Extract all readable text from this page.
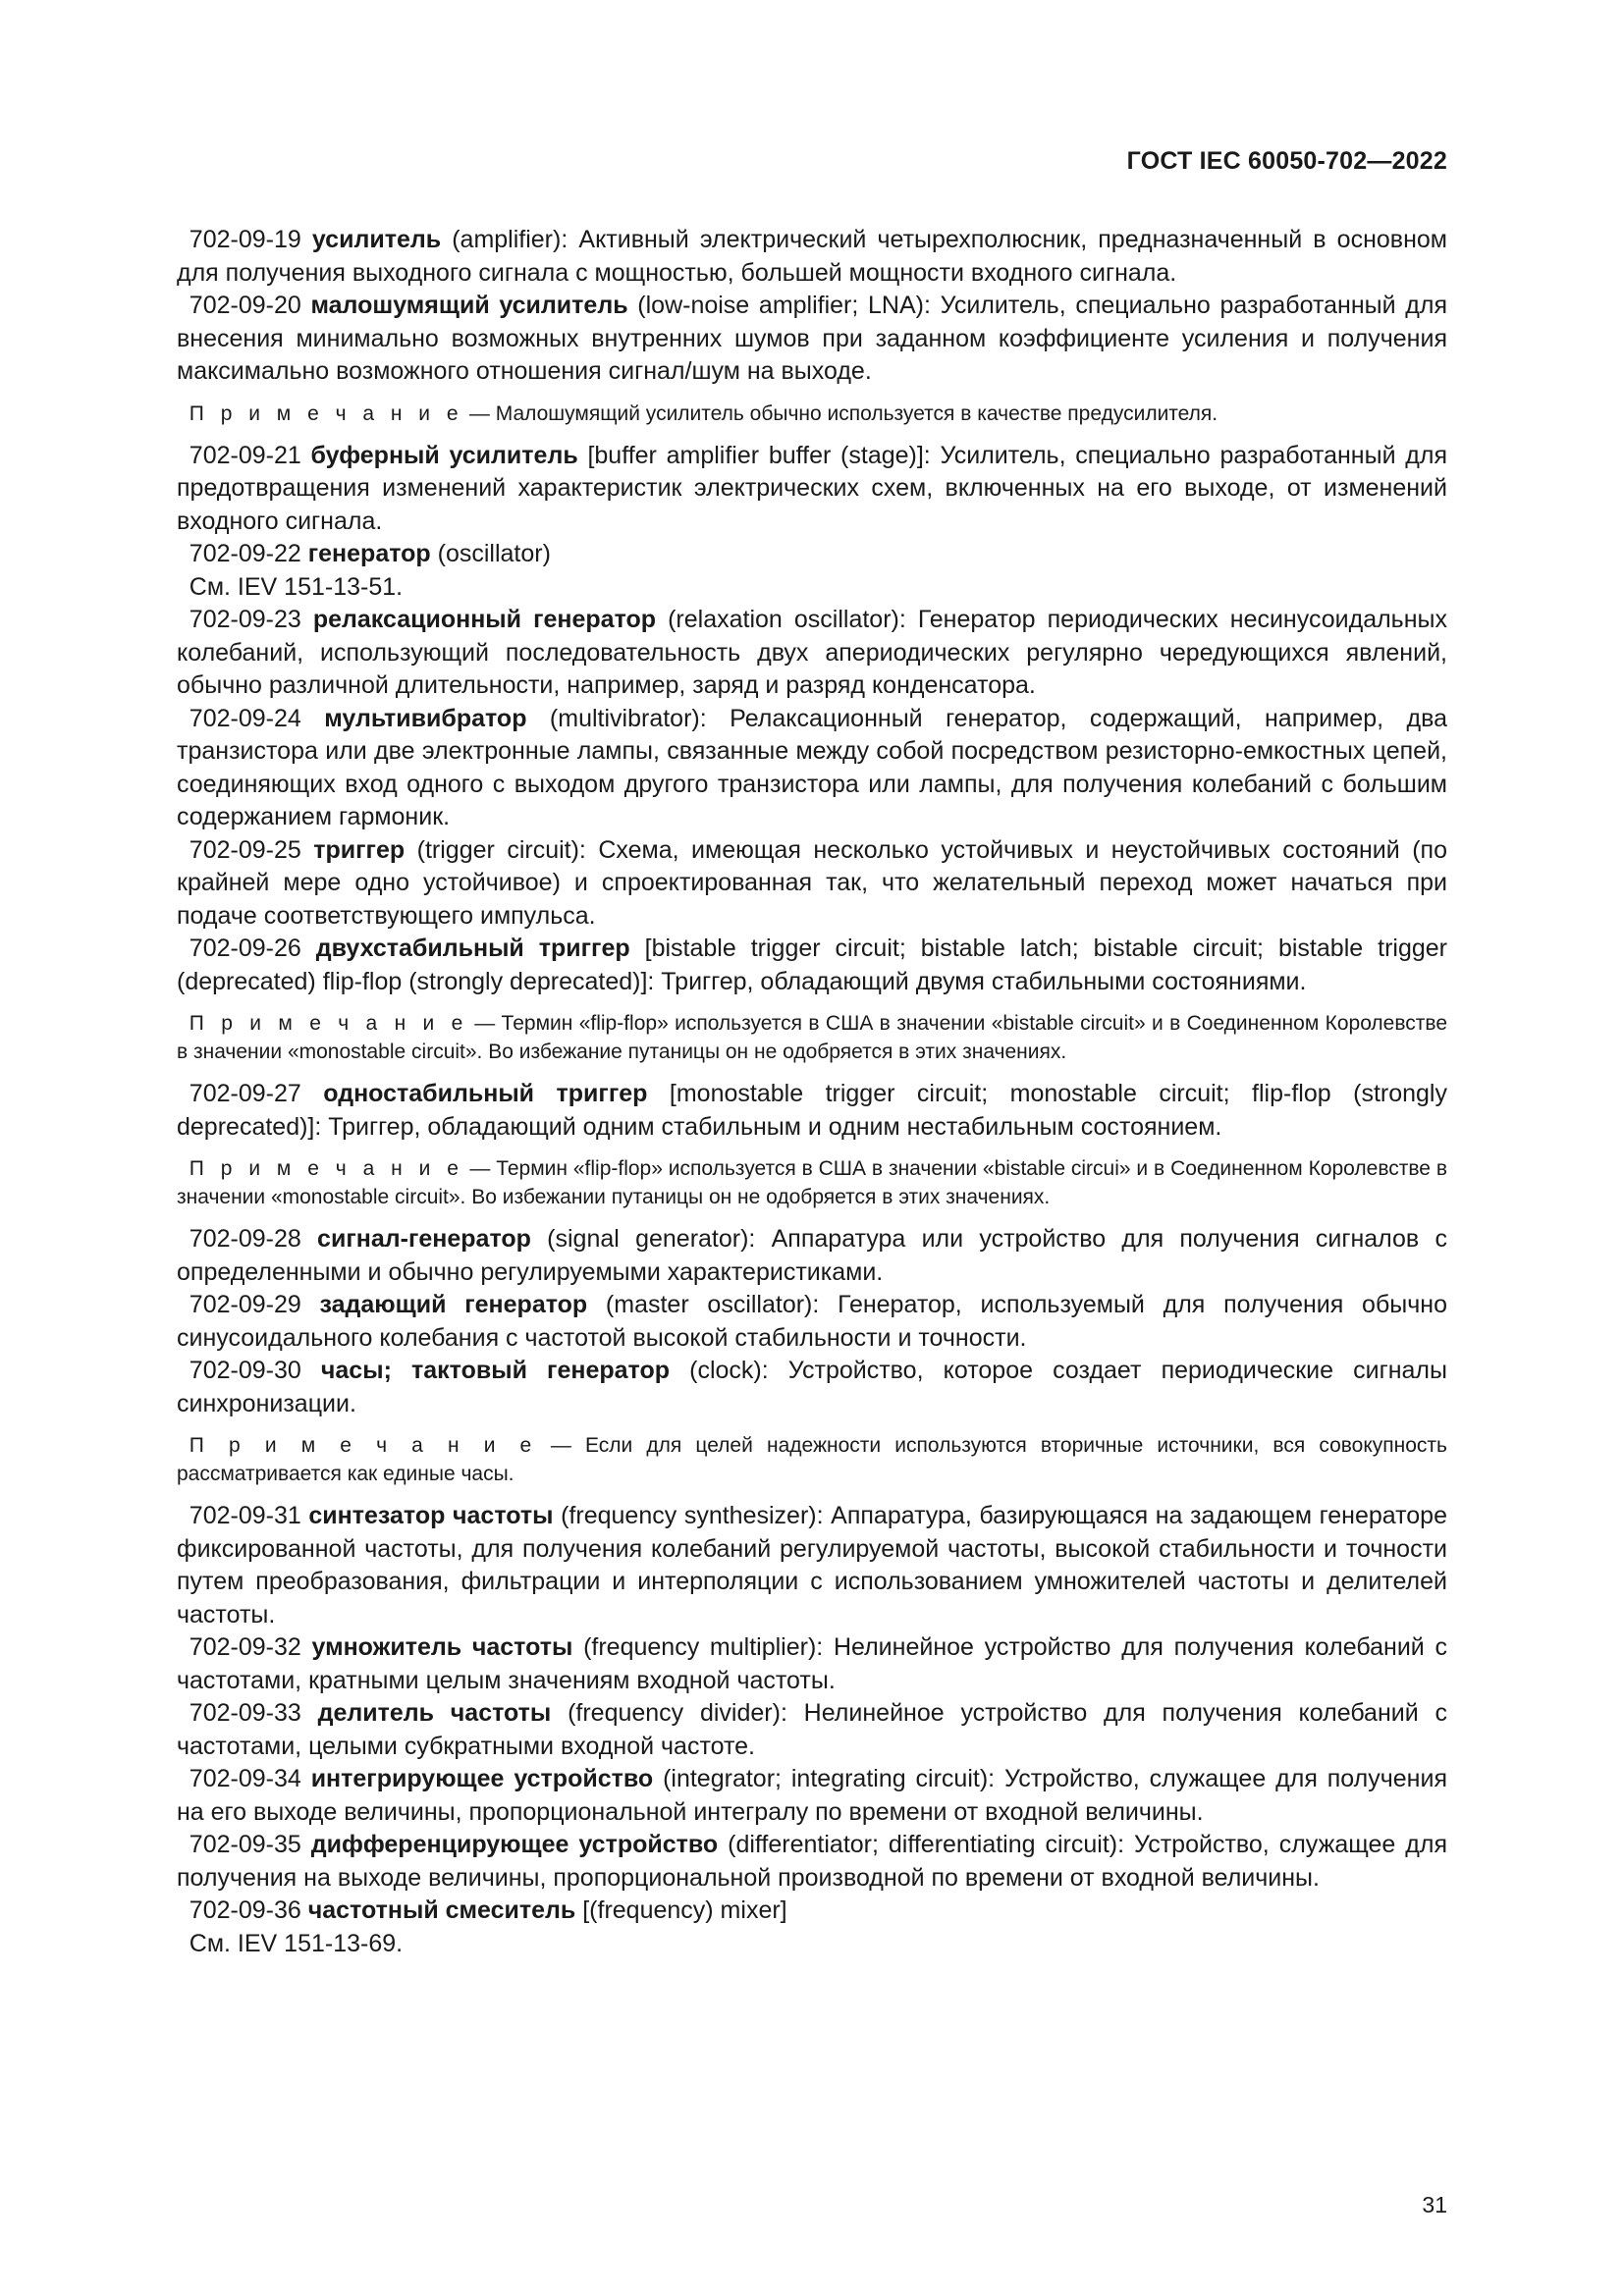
ГОСТ IEC 60050-702—2022

702-09-19 усилитель (amplifier): Активный электрический четырехполюсник, предназначенный в основном для получения выходного сигнала с мощностью, большей мощности входного сигнала.

702-09-20 малошумящий усилитель (low-noise amplifier; LNA): Усилитель, специально разработанный для внесения минимально возможных внутренних шумов при заданном коэффициенте усиления и получения максимально возможного отношения сигнал/шум на выходе.

П р и м е ч а н и е — Малошумящий усилитель обычно используется в качестве предусилителя.

702-09-21 буферный усилитель [buffer amplifier buffer (stage)]: Усилитель, специально разработанный для предотвращения изменений характеристик электрических схем, включенных на его выходе, от изменений входного сигнала.

702-09-22 генератор (oscillator)

См. IEV 151-13-51.

702-09-23 релаксационный генератор (relaxation oscillator): Генератор периодических несинусоидальных колебаний, использующий последовательность двух апериодических регулярно чередующихся явлений, обычно различной длительности, например, заряд и разряд конденсатора.

702-09-24 мультивибратор (multivibrator): Релаксационный генератор, содержащий, например, два транзистора или две электронные лампы, связанные между собой посредством резисторно-емкостных цепей, соединяющих вход одного с выходом другого транзистора или лампы, для получения колебаний с большим содержанием гармоник.

702-09-25 триггер (trigger circuit): Схема, имеющая несколько устойчивых и неустойчивых состояний (по крайней мере одно устойчивое) и спроектированная так, что желательный переход может начаться при подаче соответствующего импульса.

702-09-26 двухстабильный триггер [bistable trigger circuit; bistable latch; bistable circuit; bistable trigger (deprecated) flip-flop (strongly deprecated)]: Триггер, обладающий двумя стабильными состояниями.

П р и м е ч а н и е — Термин «flip-flop» используется в США в значении «bistable circuit» и в Соединенном Королевстве в значении «monostable circuit». Во избежание путаницы он не одобряется в этих значениях.

702-09-27 одностабильный триггер [monostable trigger circuit; monostable circuit; flip-flop (strongly deprecated)]: Триггер, обладающий одним стабильным и одним нестабильным состоянием.

П р и м е ч а н и е — Термин «flip-flop» используется в США в значении «bistable circui» и в Соединенном Королевстве в значении «monostable circuit». Во избежании путаницы он не одобряется в этих значениях.

702-09-28 сигнал-генератор (signal generator): Аппаратура или устройство для получения сигналов с определенными и обычно регулируемыми характеристиками.

702-09-29 задающий генератор (master oscillator): Генератор, используемый для получения обычно синусоидального колебания с частотой высокой стабильности и точности.

702-09-30 часы; тактовый генератор (clock): Устройство, которое создает периодические сигналы синхронизации.

П р и м е ч а н и е — Если для целей надежности используются вторичные источники, вся совокупность рассматривается как единые часы.

702-09-31 синтезатор частоты (frequency synthesizer): Аппаратура, базирующаяся на задающем генераторе фиксированной частоты, для получения колебаний регулируемой частоты, высокой стабильности и точности путем преобразования, фильтрации и интерполяции с использованием умножителей частоты и делителей частоты.

702-09-32 умножитель частоты (frequency multiplier): Нелинейное устройство для получения колебаний с частотами, кратными целым значениям входной частоты.

702-09-33 делитель частоты (frequency divider): Нелинейное устройство для получения колебаний с частотами, целыми субкратными входной частоте.

702-09-34 интегрирующее устройство (integrator; integrating circuit): Устройство, служащее для получения на его выходе величины, пропорциональной интегралу по времени от входной величины.

702-09-35 дифференцирующее устройство (differentiator; differentiating circuit): Устройство, служащее для получения на выходе величины, пропорциональной производной по времени от входной величины.

702-09-36 частотный смеситель [(frequency) mixer]

См. IEV 151-13-69.

31
